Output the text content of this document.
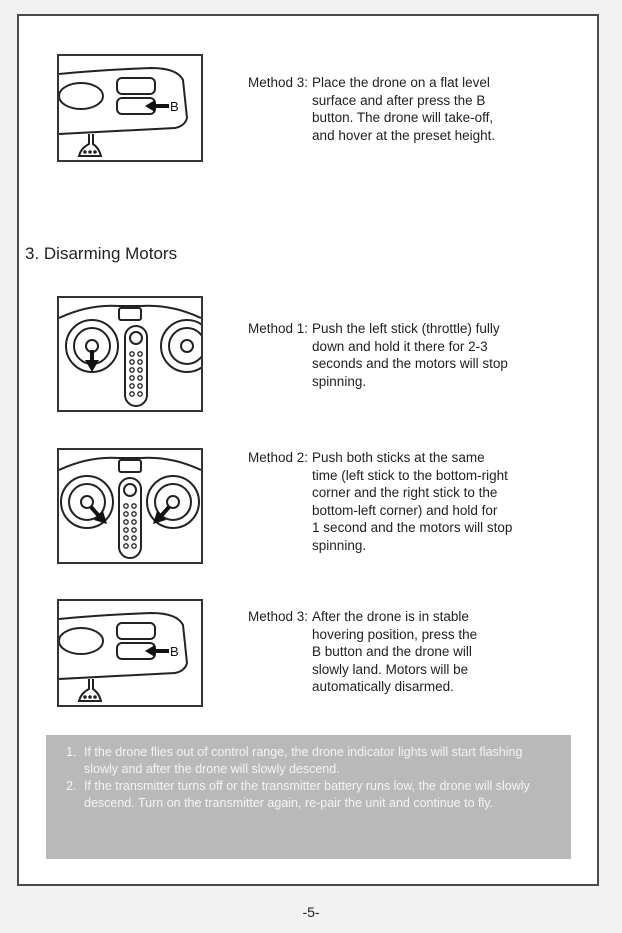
B
Method 3: Place the drone on a flat level
surface and after press the B
button. The drone will take-off,
and hover at the preset height.
3. Disarming Motors
Method 1: Push the left stick (throttle) fully
down and hold it there for 2-3
seconds and the motors will stop
spinning.
Method 2: Push both sticks at the same
time (left stick to the bottom-right
corner and the right stick to the
bottom-left corner) and hold for
1 second and the motors will stop
spinning.
B
Method 3: After the drone is in stable
hovering position, press the
B button and the drone will
slowly land. Motors will be
automatically disarmed.
1. If the drone flies out of control range, the drone indicator lights will start flashing slowly and after the drone will slowly descend.
2. If the transmitter turns off or the transmitter battery runs low, the drone will slowly descend. Turn on the transmitter again, re-pair the unit and continue to fly.
-5-
